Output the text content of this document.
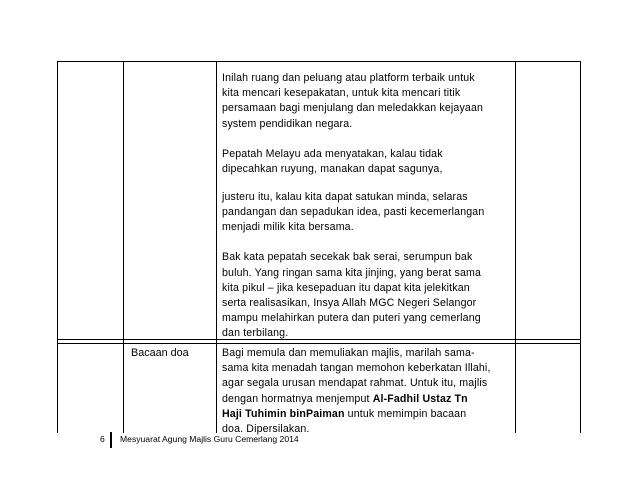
Inilah ruang dan peluang atau platform terbaik untuk
kita mencari kesepakatan, untuk kita mencari titik
persamaan bagi menjulang dan meledakkan kejayaan
system pendidikan negara.

Pepatah Melayu ada menyatakan, kalau tidak
dipecahkan ruyung, manakan dapat sagunya,

justeru itu, kalau kita dapat satukan minda, selaras
pandangan dan sepadukan idea, pasti kecemerlangan
menjadi milik kita bersama.

Bak kata pepatah secekak bak serai, serumpun bak
buluh. Yang ringan sama kita jinjing, yang berat sama
kita pikul – jika kesepaduan itu dapat kita jelekitkan
serta realisasikan, Insya Allah MGC Negeri Selangor
mampu melahirkan putera dan puteri yang cemerlang
dan terbilang.

Bacaan doa	Bagi memula dan memuliakan majlis, marilah sama-
sama kita menadah tangan memohon keberkatan Illahi,
agar segala urusan mendapat rahmat. Untuk itu, majlis
dengan hormatnya menjemput Al-Fadhil Ustaz Tn
Haji Tuhimin binPaiman untuk memimpin bacaan
doa. Dipersilakan.
6	Mesyuarat Agung Majlis Guru Cemerlang 2014
